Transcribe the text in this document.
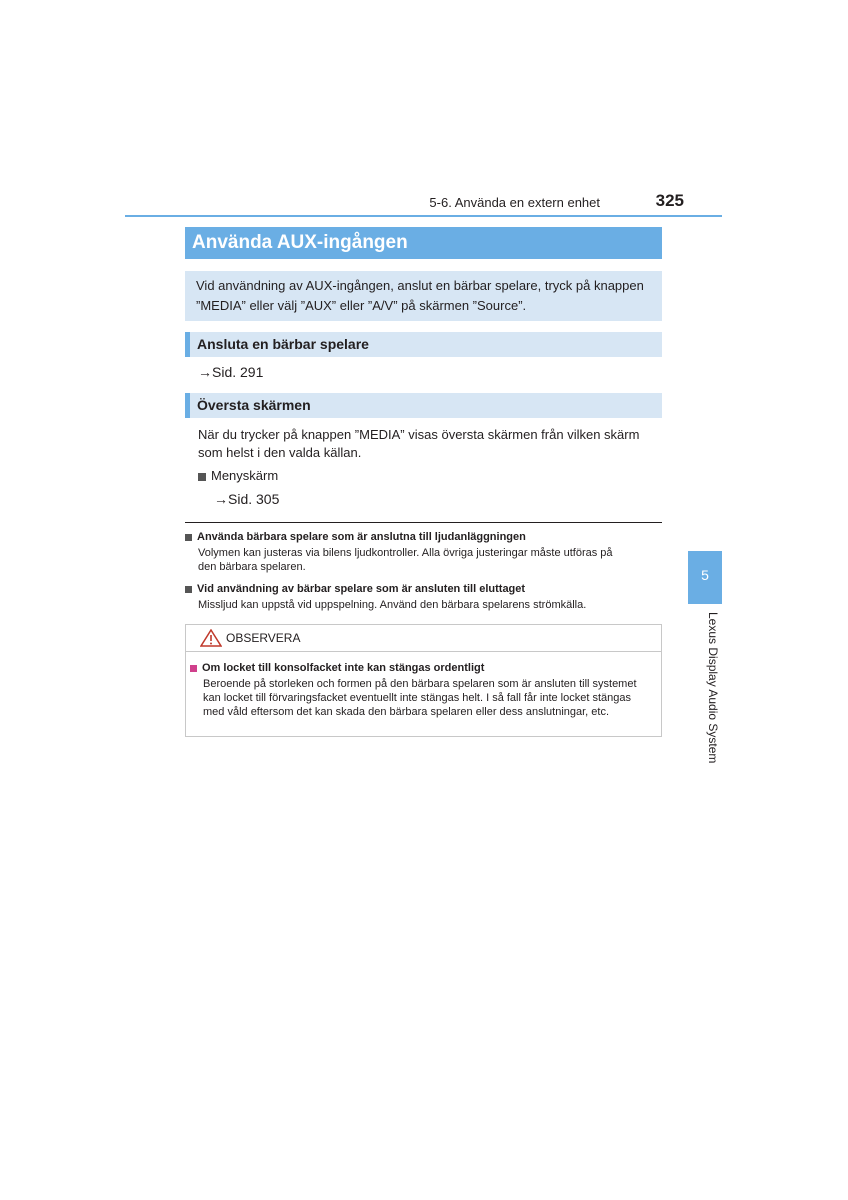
5-6. Använda en extern enhet	325
Använda AUX-ingången

Vid användning av AUX-ingången, anslut en bärbar spelare, tryck på knappen

”MEDIA” eller välj ”AUX” eller ”A/V” på skärmen ”Source”.

Ansluta en bärbar spelare
→Sid. 291
Översta skärmen
När du trycker på knappen ”MEDIA” visas översta skärmen från vilken skärm
som helst i den valda källan.
Menyskärm
→Sid. 305
Använda bärbara spelare som är anslutna till ljudanläggningen

Volymen kan justeras via bilens ljudkontroller. Alla övriga justeringar måste utföras på

den bärbara spelaren.

Vid användning av bärbar spelare som är ansluten till eluttaget

Missljud kan uppstå vid uppspelning. Använd den bärbara spelarens strömkälla.

OBSERVERA
Om locket till konsolfacket inte kan stängas ordentligt

Beroende på storleken och formen på den bärbara spelaren som är ansluten till systemet

kan locket till förvaringsfacket eventuellt inte stängas helt. I så fall får inte locket stängas

med våld eftersom det kan skada den bärbara spelaren eller dess anslutningar, etc.

5
Lexus Display Audio System
